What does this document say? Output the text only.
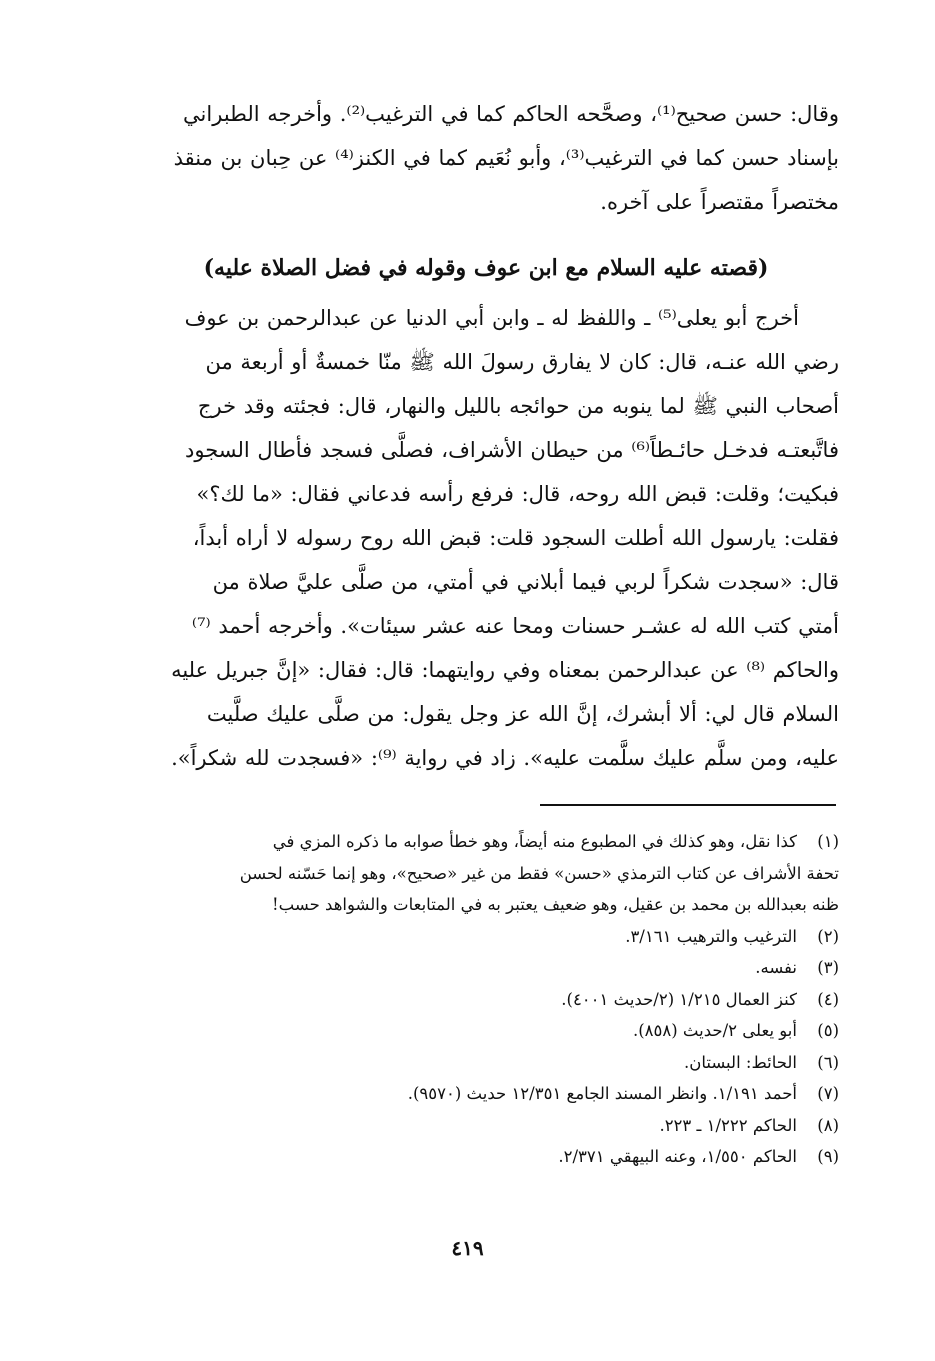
وقال: حسن صحيح⁽¹⁾، وصحَّحه الحاكم كما في الترغيب⁽²⁾. وأخرجه الطبراني
بإسناد حسن كما في الترغيب⁽³⁾، وأبو نُعَيم كما في الكنز⁽⁴⁾ عن حِبان بن منقذ
مختصراً مقتصراً على آخره.
(قصته عليه السلام مع ابن عوف وقوله في فضل الصلاة عليه)
أخرج أبو يعلى⁽⁵⁾ ـ واللفظ له ـ وابن أبي الدنيا عن عبدالرحمن بن عوف
رضي الله عنـه، قال: كان لا يفارق رسولَ الله ﷺ منّا خمسةٌ أو أربعة من
أصحاب النبي ﷺ لما ينوبه من حوائجه بالليل والنهار، قال: فجئته وقد خرج
فاتَّبعتـه فدخـل حائـطاً⁽⁶⁾ من حيطان الأشراف، فصلَّى فسجد فأطال السجود
فبكيت؛ وقلت: قبض الله روحه، قال: فرفع رأسه فدعاني فقال: «ما لك؟»
فقلت: يارسول الله أطلت السجود قلت: قبض الله روح رسوله لا أراه أبداً،
قال: «سجدت شكراً لربي فيما أبلاني في أمتي، من صلَّى عليَّ صلاة من
أمتي كتب الله له عشـر حسنات ومحا عنه عشر سيئات». وأخرجه أحمد ⁽⁷⁾
والحاكم ⁽⁸⁾ عن عبدالرحمن بمعناه وفي روايتهما: قال: فقال: «إنَّ جبريل عليه
السلام قال لي: ألا أبشرك، إنَّ الله عز وجل يقول: من صلَّى عليك صلَّيت
عليه، ومن سلَّم عليك سلَّمت عليه». زاد في رواية ⁽⁹⁾: «فسجدت لله شكراً».
(١)
كذا نقل، وهو كذلك في المطبوع منه أيضاً، وهو خطأ صوابه ما ذكره المزي في
تحفة الأشراف عن كتاب الترمذي «حسن» فقط من غير «صحيح»، وهو إنما حَسّنه لحسن
ظنه بعبدالله بن محمد بن عقيل، وهو ضعيف يعتبر به في المتابعات والشواهد حسب!
(٢)
الترغيب والترهيب ٣/١٦١.
(٣)
نفسه.
(٤)
كنز العمال ١/٢١٥ (٢/حديث ٤٠٠١).
(٥)
أبو يعلى ٢/حديث (٨٥٨).
(٦)
الحائط: البستان.
(٧)
أحمد ١/١٩١. وانظر المسند الجامع ١٢/٣٥١ حديث (٩٥٧٠).
(٨)
الحاكم ١/٢٢٢ ـ ٢٢٣.
(٩)
الحاكم ١/٥٥٠، وعنه البيهقي ٢/٣٧١.
٤١٩
